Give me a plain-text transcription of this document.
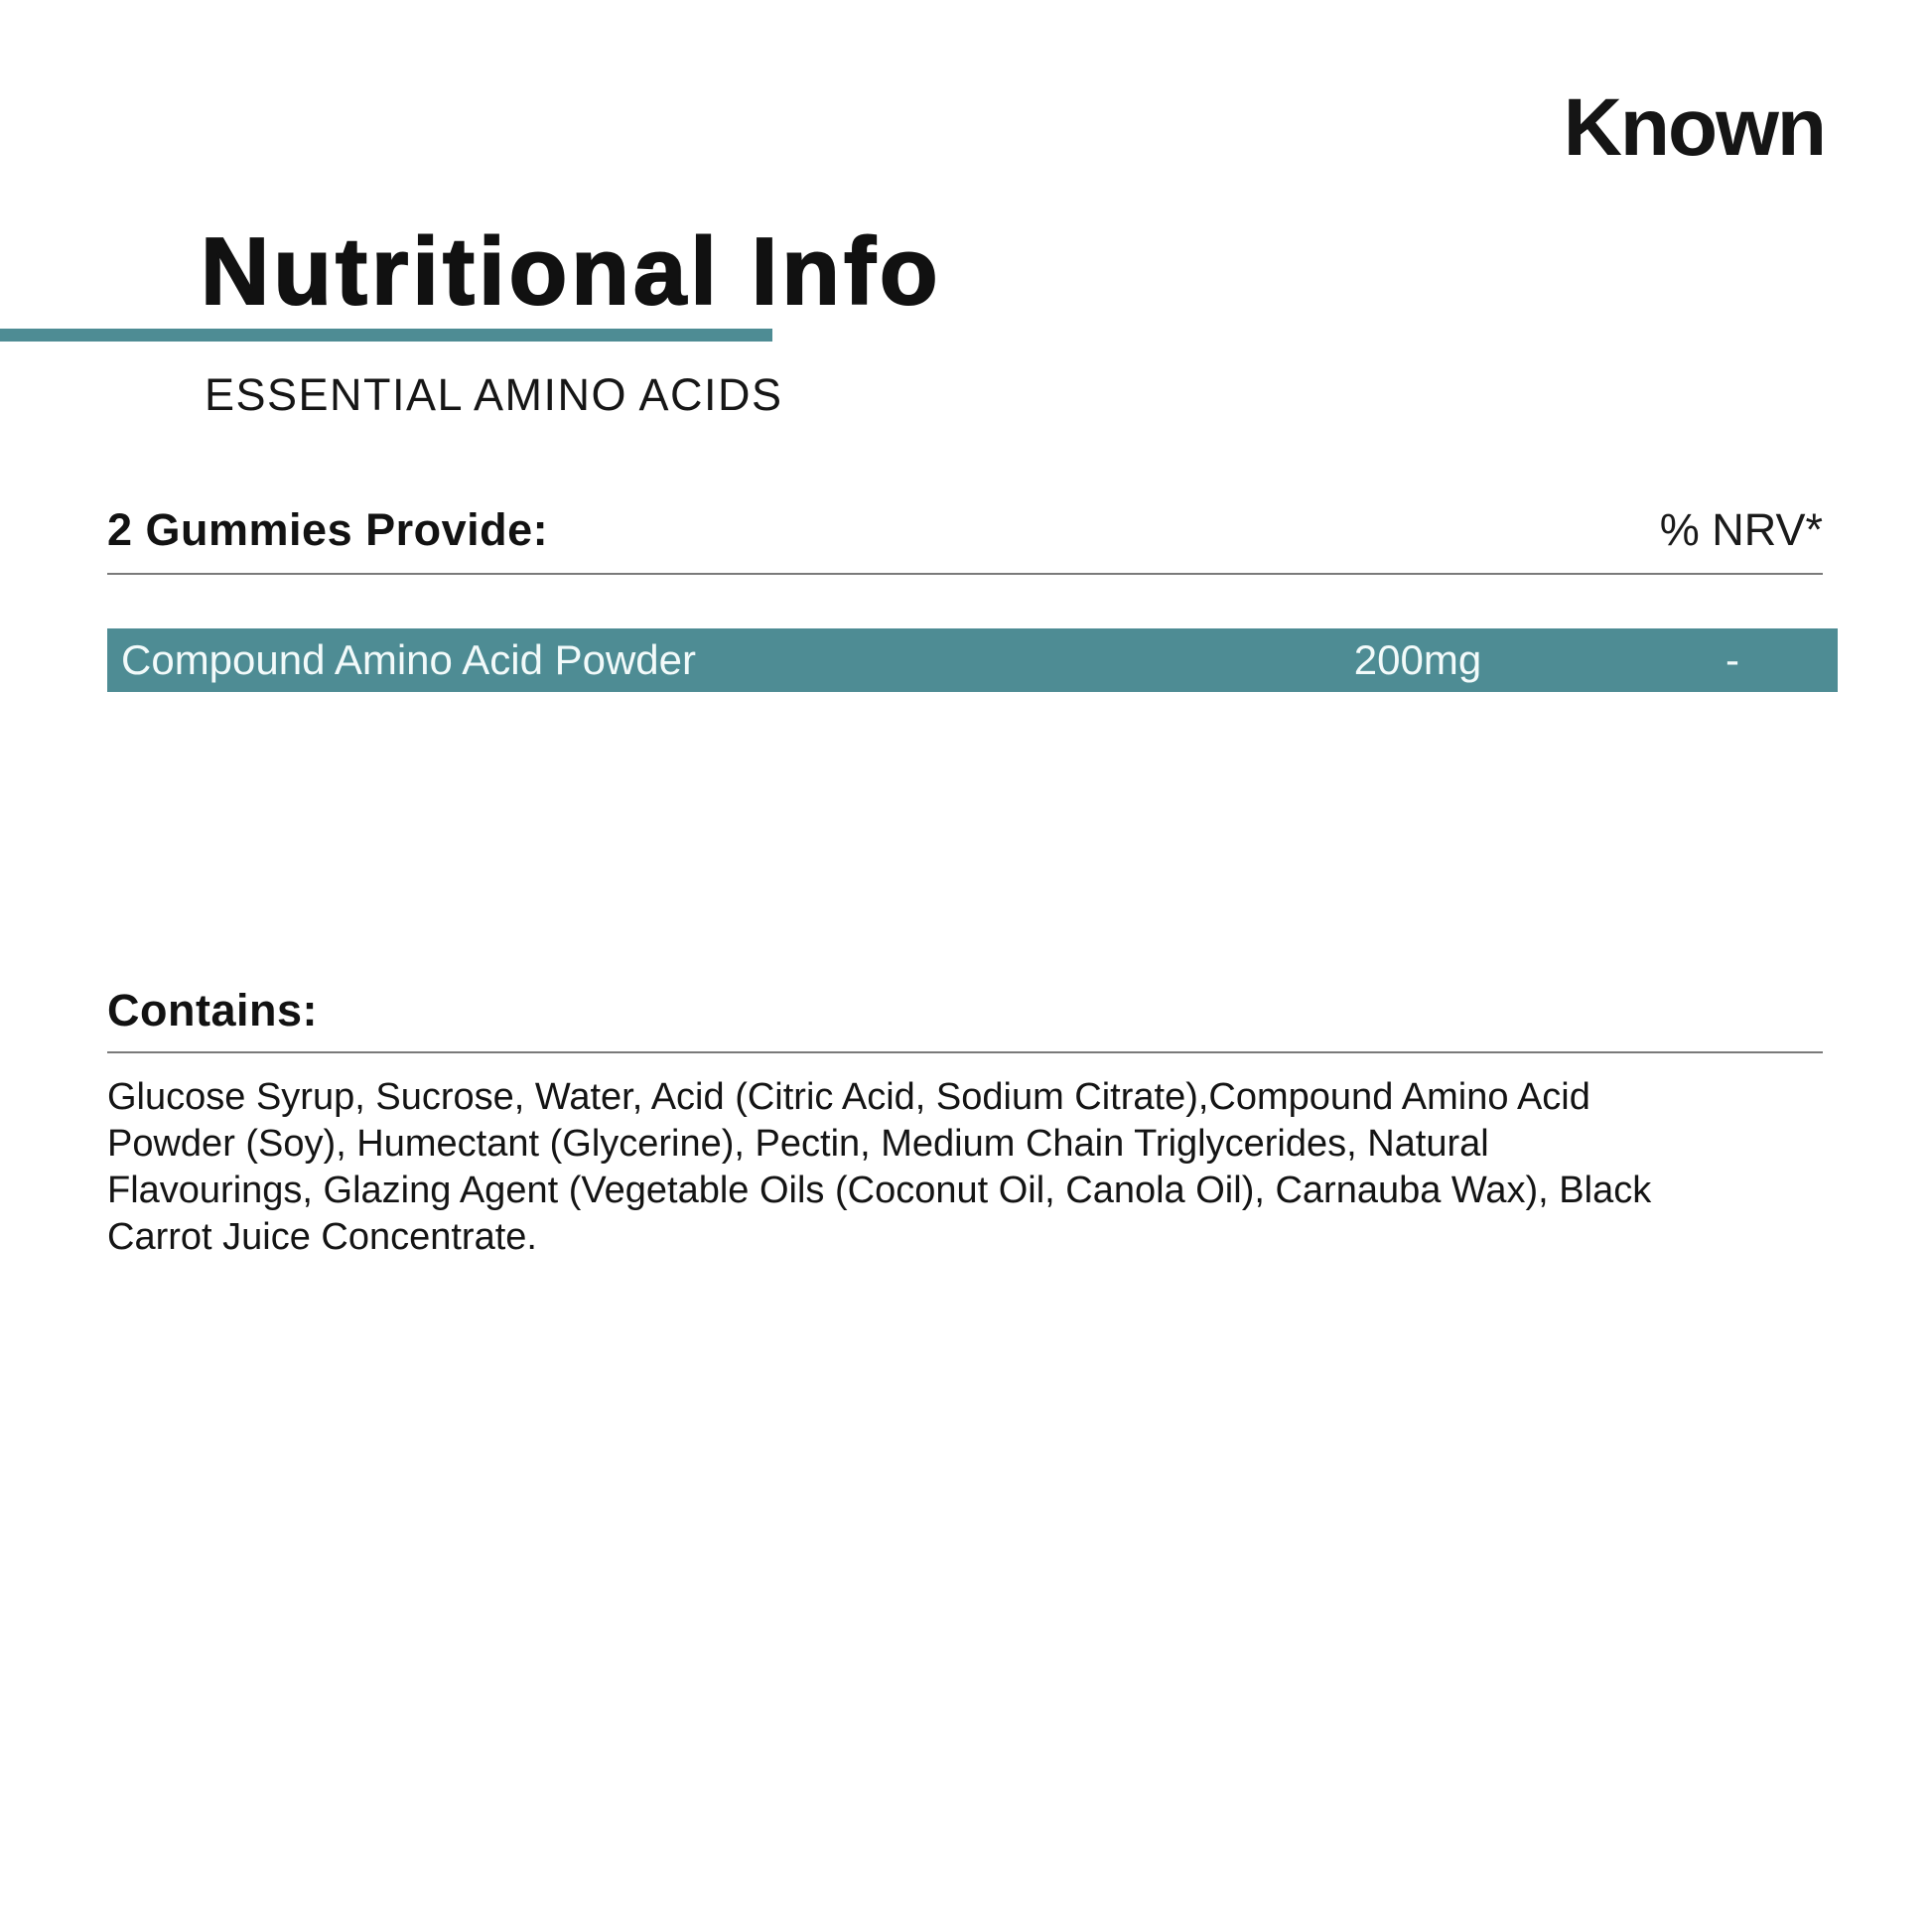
Known
Nutritional Info
ESSENTIAL AMINO ACIDS
2 Gummies Provide:	% NRV*
Compound Amino Acid Powder	200mg	-
Contains:
Glucose Syrup, Sucrose, Water, Acid (Citric Acid, Sodium Citrate),Compound Amino Acid
Powder (Soy), Humectant (Glycerine), Pectin, Medium Chain Triglycerides, Natural
Flavourings, Glazing Agent (Vegetable Oils (Coconut Oil, Canola Oil), Carnauba Wax), Black
Carrot Juice Concentrate.
